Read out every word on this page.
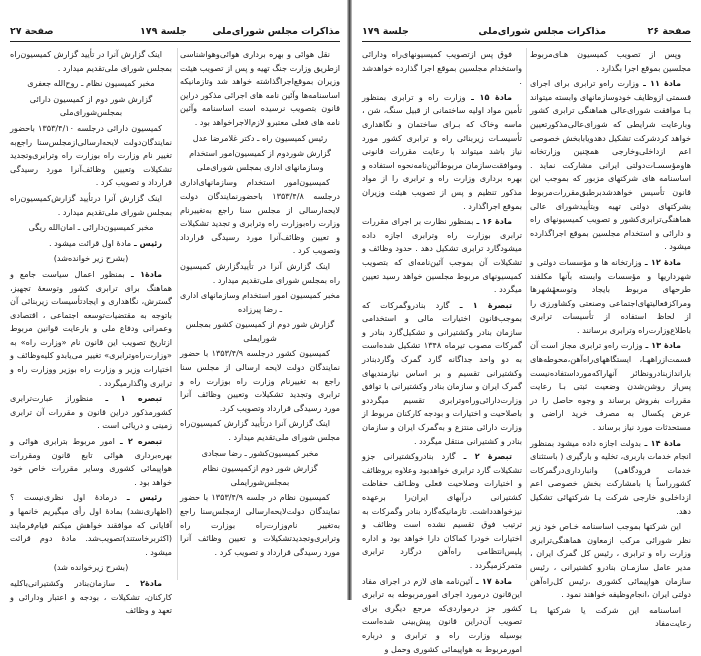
مذاکرات مجلس شورای‌ملی
جلسة ۱۷۹
صفحة ۲۷

نقل هوائی و بهره برداری هوائی‌وهواشناسی ازطریق وزارت جنگ تهیه و پس از تصویب هیئت وزیران بموقع‌اجراگذاشته خواهد شد وتازمانیکه اساسنامه‌ها وآئین نامه های اجرائی مذکور دراین قانون بتصویب نرسیده است اساسنامه وآئین نامه های فعلی معتبرو لازم‌الاجراخواهد بود .

رئیس کمیسیون راه ـ دکتر غلامرضا عدل

گزارش شوردوم از کمیسیون‌امور استخدام وسازمانهای اداری بمجلس شورای‌ملی

کمیسیون‌امور استخدام وسازمانهای‌اداری درجلسه ۱۳۵۳/۴/۸ باحضورنمایندگان دولت لایحه‌ارسالی از مجلس سنا راجع به‌تغییرنام وزارت راه‌بوزارت راه وترابری و تجدید تشکیلات و تعیین وظائف‌آنرا مورد رسیدگی قرارداد وتصویب کرد .

اینک گزارش آنرا در تأییدگزارش کمیسیون راه بمجلس شورای ملی‌تقدیم میدارد .

مخبر کمیسیون امور استخدام وسازمانهای اداری ـ رضا پیرزاده

گزارش شور دوم از کمیسیون کشور بمجلس شورایملی

کمیسیون کشور درجلسه ۱۳۵۳/۴/۹ با حضور نمایندگان دولت لایحه ارسالی از مجلس سنا راجع به تغییرنام وزارت راه بوزارت راه و ترابری وتجدید تشکیلات وتعیین وظائف آنرا مورد رسیدگی قرارداد وتصویب کرد.

اینک گزارش آنرا درتأیید گزارش کمیسیون‌راه مجلس شورای ملی‌تقدیم میدارد .

مخبر کمیسیون‌کشور ـ رضا سجادی

گزارش شور دوم ازکمیسیون نظام بمجلس‌شورایملی

کمیسیون نظام در جلسه ۱۳۵۳/۴/۹ با حضور نمایندگان دولت‌لایحه‌ارسالی ازمجلس‌سنا راجع به‌تغییر نام‌وزارت‌راه بوزارت راه وترابری‌وتجدیدتشکیلات و تعیین وظائف آنرا مورد رسیدگی قرارداد و تصویب کرد .

اینک گزارش آنرا در تأیید گزارش کمیسیون‌راه بمجلس شورای ملی‌تقدیم میدارد .

مخبر کمیسیون نظام ـ روح‌الله جعفری

گزارش شور دوم از کمیسیون دارائی بمجلس‌شورای‌ملی

کمیسیون دارائی درجلسه ۱۳۵۳/۴/۱۰ باحضور نمایندگان‌دولت لایحه‌ارسالی‌ازمجلس‌سنا راجع‌به تغییر نام وزارت راه بوزارت راه وترابری‌وتجدید تشکیلات وتعیین وظائف‌آنرا مورد رسیدگی قرارداد و تصویب کرد .

اینک گزارش آنرا درتأیید گزارش‌کمیسیون‌راه بمجلس شورای ملی‌تقدیم میدارد .

مخبر کمیسیون‌دارائی ـ امان‌الله ریگی

رئیس ـ مادهٔ اول قرائت میشود .

(بشرح زیر خوانده‌شد)

مادهٔ۱ ـ بمنظور اعمال سیاست جامع و هماهنگ برای ترابری کشور وتوسعهٔ تجهیز، گسترش، نگاهداری و ایجادتأسیسات زیربنائی آن باتوجه به مقتضیات‌توسعه اجتماعی ، اقتصادی وعمرانی ودفاع ملی و بارعایت قوانین مربوط ازتاریخ تصویب این قانون نام «وزارت راه» به «وزارت‌راه‌وترابری» تغییر می‌یابدو کلیه‌وظائف و اختیارات وزیر و وزارت راه بوزیر ووزارت راه و ترابری واگذارمیگردد .

تبصره ۱ ـ منظوراز عبارت‌ترابری کشور‌مذکور دراین قانون و مقررات آن ترابری زمینی و دریائی است .

تبصره ۲ ـ امور مربوط بترابری هوائی و بهره‌برداری هوائی تابع قانون ومقررات هواپیمائی کشوری وسایر مقررات خاص خود خواهد بود .

رئیس ـ درمادهٔ اول نظری‌نیست ؟ (اظهاری‌نشد) بمادهٔ اول رأی میگیریم خانمها و آقایانی که موافقند خواهش میکنم قیام‌فرمایند (اکثربرخاستند)تصویب‌شد. مادهٔ دوم قرائت میشود .

(بشرح زیرخوانده شد)

مادهٔ۲ ـ سازمان‌بنادر وکشتیرانی‌باکلیه کارکنان، تشکیلات ، بودجه و اعتبار ودارائی و تعهد و وظائف

صفحة ۲۶
مذاکرات مجلس شورای‌ملی
جلسة ۱۷۹

وپس از تصویب کمیسیون هـای‌مربوط مجلسین بموقع اجرا بگذارد .

مادهٔ ۱۱ ـ وزارت راه‌و ترابری برای اجرای قسمتی ازوظایف خودوسازمانهای وابسته میتواند بـا موافقت شورای‌عالی هماهنگی ترابری کشور وبارعایت شرایطی که شورای‌عالی‌مذکورتعیین خواهد کردشرکت تشکیل دهدویابابخش خصوصی اعم ازداخلی‌وخارجی همچنین وزارتخانه هاومؤسسـات‌دولتی ایرانی مشارکت نماید . اساسنامه های شرکتهای مزبور که بموجب این قانون تأسیس خواهدشدبرطبق‌مقررات‌مربوط بشرکتهای دولتی تهیه وبتأییدشورای عالی هماهنگی‌ترابری‌کشور و تصویب‌ کمیسیونهای راه و دارائی و استخدام مجلسین بموقع اجراگذارده میشود .

مادهٔ ۱۲ ـ وزارتخانه ها و مؤسسات دولتی و شهرداریها و مؤسسات وابسته بآنها مکلفند طرحهای مربوط بایجاد وتوسعهٔشهرها ومراکزفعالیتهای‌اجتماعی وصنعتی وکشاورزی را از لحاظ استفاده از تأسیسات ترابری باطلاع‌وزارت‌راه وترابری برسانند .

مادهٔ ۱۳ ـ وزارت راه‌و ترابری مجاز است آن قسمت‌ازراههـا، ایستگاههای‌راه‌آهن،محوطه‌های باراندازبنادرونظائر آنهاراکه‌موردا‌ستفاده‌نیست پس‌از روشن‌شدن وضعیت ثبتی بـا رعایت مقررات بفروش برساند و وجوه حاصل را در عرض یکسال به مصرف خرید اراضی و مستحدثات مورد نیاز برساند .

مادهٔ ۱۴ ـ بدولت اجازه داده میشود بمنظور انجام خدمات باربری، تخلیه و بارگیری ( باستثنای خدمات فرودگاهی) وانبارداری‌درگمرکات کشورراساً یا بامشارکت بخش خصوصی اعم ازداخلی‌و خارجی شرکت یـا شرکتهائی تشکیل دهد.

این شرکتها بموجب اساسنامه خـاص خود زیر نظر شورائی مرکب ازمعاون هماهنگی‌ترابری وزارت راه و ترابری ، رئیس کل گمرک ایران ، مدیر عامل سازمـان بنادرو کشتیرانی ، رئیس سازمان هواپیمائی کشوری ،رئیس کل‌راه‌آهن دولتی ایران ،انجام‌وظیفه خواهند نمود .

اساسنامه این شرکت یا شرکتها بـا رعایت‌مفاد

فوق پس ازتصویب کمیسیونهای‌راه ودارائی واستخدام مجلسین بموقع اجرا گذارده خواهدشد .

مادهٔ ۱۵ ـ وزارت راه و ترابری بمنظور تأمین مواد اولیه ساختمانی از قبیل سنگ، شن ، ماسه وخاک که بـرای ساختمان و نگاهداری تأسیسـات زیربنائی راه و ترابری کشور مورد نیاز باشد میتواند با رعایت مقررات قانونی وموافقت‌سازمان مربوط‌آئین‌نامه‌نحوه استفاده و بهره برداری وزارت راه و ترابری را از مواد مذکور تنظیم و پس از تصویب هیئت وزیران بموقع اجراگذارد .

مادهٔ ۱۶ ـ بمنظور نظارت بر اجرای مقررات ترابری بوزارت راه وترابری اجازه داده میشودگارد ترابری تشکیل دهد . حدود وظائف و تشکیلات آن بموجب آئین‌نامه‌ای که بتصویب کمیسیونهای مربوط مجلسین خواهد رسید تعیین میگردد .

تبصرهٔ ۱ ـ گارد بنادروگمرکات که بموجب‌قانون اختیارات مالی و استخدامی سازمان بنادر وکشتیرانی و تشکیل‌گارد بنادر و گمرکات مصوب تیرماه ۱۳۴۸ تشکیل شده‌است به دو واحد جداگانه گارد گمرک وگاردبنادر وکشتیرانی تقسیم و بر اساس نیازمندیهای گمرک ایران و سازمان بنادر وکشتیرانی با توافق وزارت‌دارائی‌وراه‌وترابری تقسیم میگرددو باصلاحیت و اختیارات و بودجه کارکنان مربوط از وزارت دارائی منتزع و به‌گمرک ایران و سازمان بنادر و کشتیرانی منتقل میگردد .

تبصرهٔ ۲ ـ گارد بنادروکشتیرانی جزو تشکیلات گارد ترابری خواهدبود وعلاوه بروظائف و اختیارات وصلاحیت فعلی وظـائف حفاظت کشتیرانی درآبهای ایران‌را برعهده نیزخواهدداشت. تازمانیکه‌گارد بنادر وگمرکات به ترتیب فوق تقسیم نشده است وظائف و اختیارات خودرا کماکان دارا خواهد بود و اداره پلیس‌انتظامی راه‌آهن درگارد ترابری متمرکزمیگردد .

مادهٔ ۱۷ ـ آئین‌نامه های لازم در اجرای مفاد این‌قانون درمورد اجرای امورمربوطه به ترابری کشور جز درمواردی‌که مرجع دیگری برای تصویب آن‌دراین قانون پیش‌بینی شده‌است بوسیله وزارت راه و ترابری و درباره امورمربوط به هواپیمائی کشوری وحمل و
